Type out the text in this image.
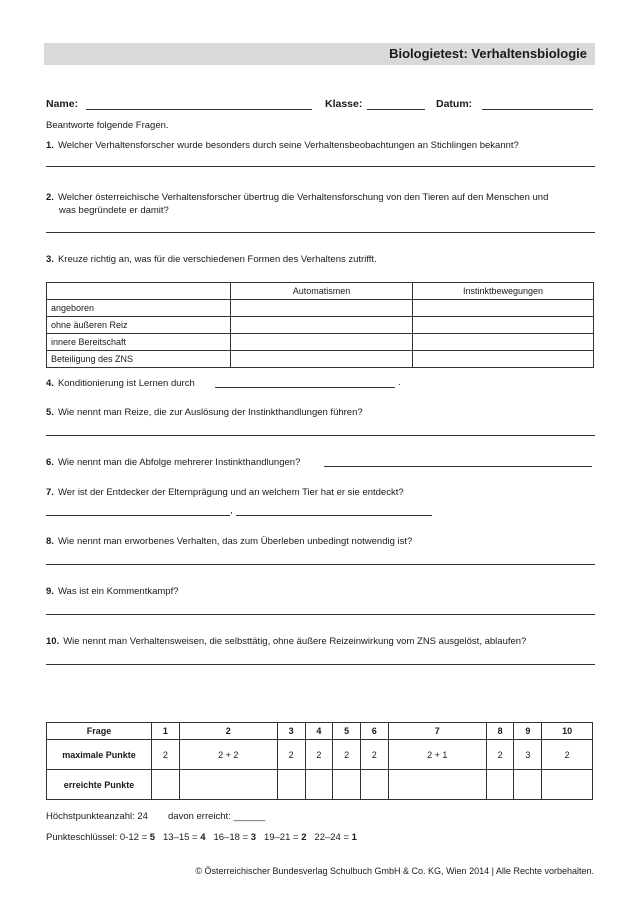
Biologietest: Verhaltensbiologie
Name:	Klasse:	Datum:
Beantworte folgende Fragen.
1. Welcher Verhaltensforscher wurde besonders durch seine Verhaltensbeobachtungen an Stichlingen bekannt?
2. Welcher österreichische Verhaltensforscher übertrug die Verhaltensforschung von den Tieren auf den Menschen und
was begründete er damit?
3. Kreuze richtig an, was für die verschiedenen Formen des Verhaltens zutrifft.
	Automatismen	Instinktbewegungen
angeboren		
ohne äußeren Reiz		
innere Bereitschaft		
Beteiligung des ZNS		
4. Konditionierung ist Lernen durch	.
5. Wie nennt man Reize, die zur Auslösung der Instinkthandlungen führen?
6. Wie nennt man die Abfolge mehrerer Instinkthandlungen?
7. Wer ist der Entdecker der Elternprägung und an welchem Tier hat er sie entdeckt?
,
8. Wie nennt man erworbenes Verhalten, das zum Überleben unbedingt notwendig ist?
9. Was ist ein Kommentkampf?
10. Wie nennt man Verhaltensweisen, die selbsttätig, ohne äußere Reizeinwirkung vom ZNS ausgelöst, ablaufen?
Frage	1	2	3	4	5	6	7	8	9	10
maximale Punkte	2	2 + 2	2	2	2	2	2 + 1	2	3	2
erreichte Punkte										
Höchstpunkteanzahl: 24 davon erreicht: ______
Punkteschlüssel: 0-12 = 5 13–15 = 4 16–18 = 3 19–21 = 2 22–24 = 1
© Österreichischer Bundesverlag Schulbuch GmbH & Co. KG, Wien 2014 | Alle Rechte vorbehalten.
